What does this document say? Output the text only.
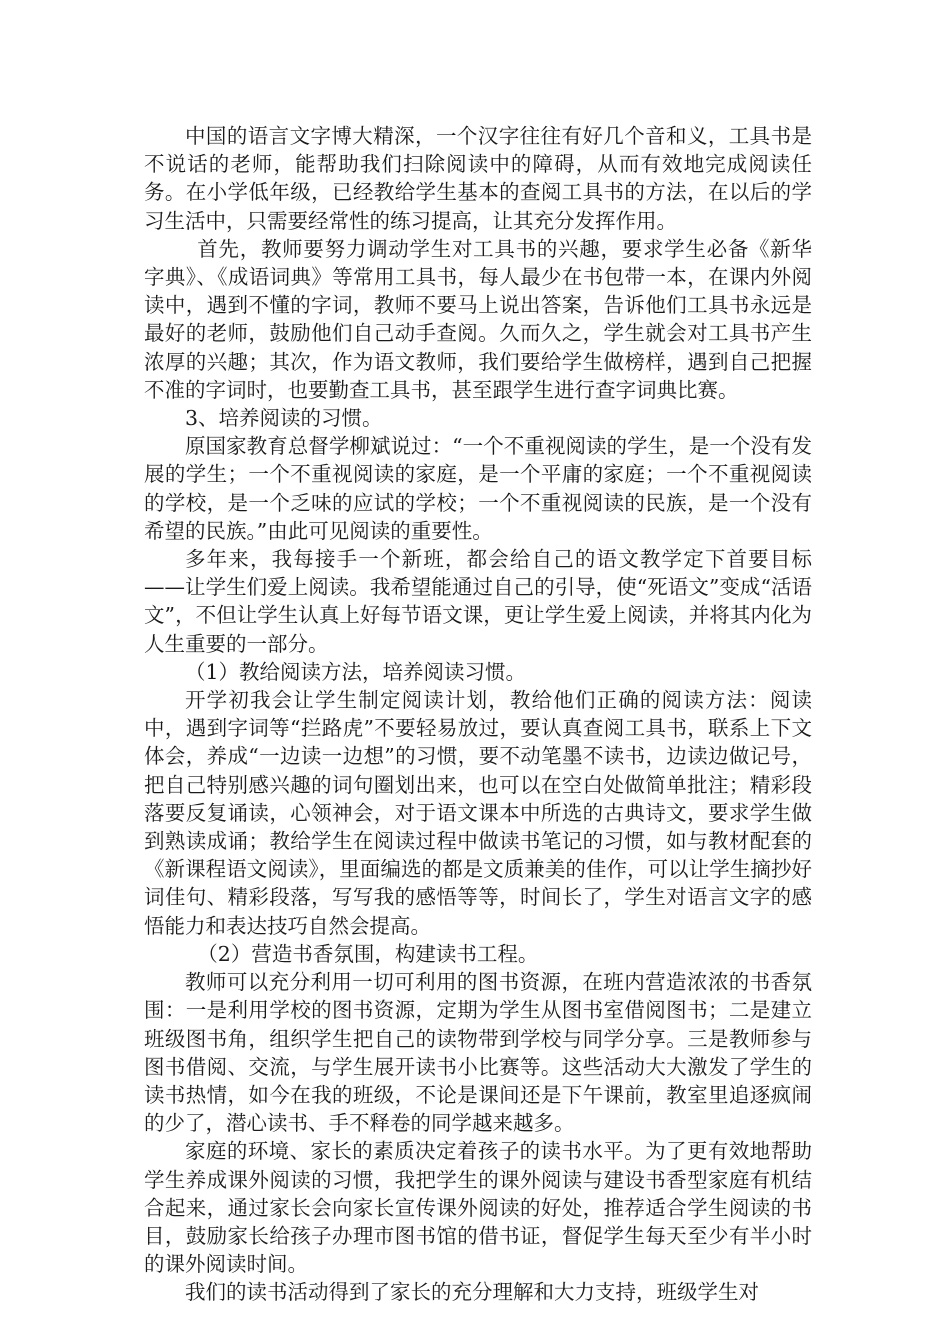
中国的语言文字博大精深，一个汉字往往有好几个音和义，工具书是不说话的老师，能帮助我们扫除阅读中的障碍，从而有效地完成阅读任务。在小学低年级，已经教给学生基本的查阅工具书的方法，在以后的学习生活中，只需要经常性的练习提高，让其充分发挥作用。

首先，教师要努力调动学生对工具书的兴趣，要求学生必备《新华字典》、《成语词典》等常用工具书，每人最少在书包带一本，在课内外阅读中，遇到不懂的字词，教师不要马上说出答案，告诉他们工具书永远是最好的老师，鼓励他们自己动手查阅。久而久之，学生就会对工具书产生浓厚的兴趣；其次，作为语文教师，我们要给学生做榜样，遇到自己把握不准的字词时，也要勤查工具书，甚至跟学生进行查字词典比赛。

3、培养阅读的习惯。

原国家教育总督学柳斌说过：“一个不重视阅读的学生，是一个没有发展的学生；一个不重视阅读的家庭，是一个平庸的家庭；一个不重视阅读的学校，是一个乏味的应试的学校；一个不重视阅读的民族，是一个没有希望的民族。”由此可见阅读的重要性。

多年来，我每接手一个新班，都会给自己的语文教学定下首要目标——让学生们爱上阅读。我希望能通过自己的引导，使“死语文”变成“活语文”，不但让学生认真上好每节语文课，更让学生爱上阅读，并将其内化为人生重要的一部分。

（1）教给阅读方法，培养阅读习惯。

开学初我会让学生制定阅读计划，教给他们正确的阅读方法：阅读中，遇到字词等“拦路虎”不要轻易放过，要认真查阅工具书，联系上下文体会，养成“一边读一边想”的习惯，要不动笔墨不读书，边读边做记号，把自己特别感兴趣的词句圈划出来，也可以在空白处做简单批注；精彩段落要反复诵读，心领神会，对于语文课本中所选的古典诗文，要求学生做到熟读成诵；教给学生在阅读过程中做读书笔记的习惯，如与教材配套的《新课程语文阅读》，里面编选的都是文质兼美的佳作，可以让学生摘抄好词佳句、精彩段落，写写我的感悟等等，时间长了，学生对语言文字的感悟能力和表达技巧自然会提高。

（2）营造书香氛围，构建读书工程。

教师可以充分利用一切可利用的图书资源，在班内营造浓浓的书香氛围：一是利用学校的图书资源，定期为学生从图书室借阅图书；二是建立班级图书角，组织学生把自己的读物带到学校与同学分享。三是教师参与图书借阅、交流，与学生展开读书小比赛等。这些活动大大激发了学生的读书热情，如今在我的班级，不论是课间还是下午课前，教室里追逐疯闹的少了，潜心读书、手不释卷的同学越来越多。

家庭的环境、家长的素质决定着孩子的读书水平。为了更有效地帮助学生养成课外阅读的习惯，我把学生的课外阅读与建设书香型家庭有机结合起来，通过家长会向家长宣传课外阅读的好处，推荐适合学生阅读的书目，鼓励家长给孩子办理市图书馆的借书证，督促学生每天至少有半小时的课外阅读时间。

我们的读书活动得到了家长的充分理解和大力支持，班级学生对
